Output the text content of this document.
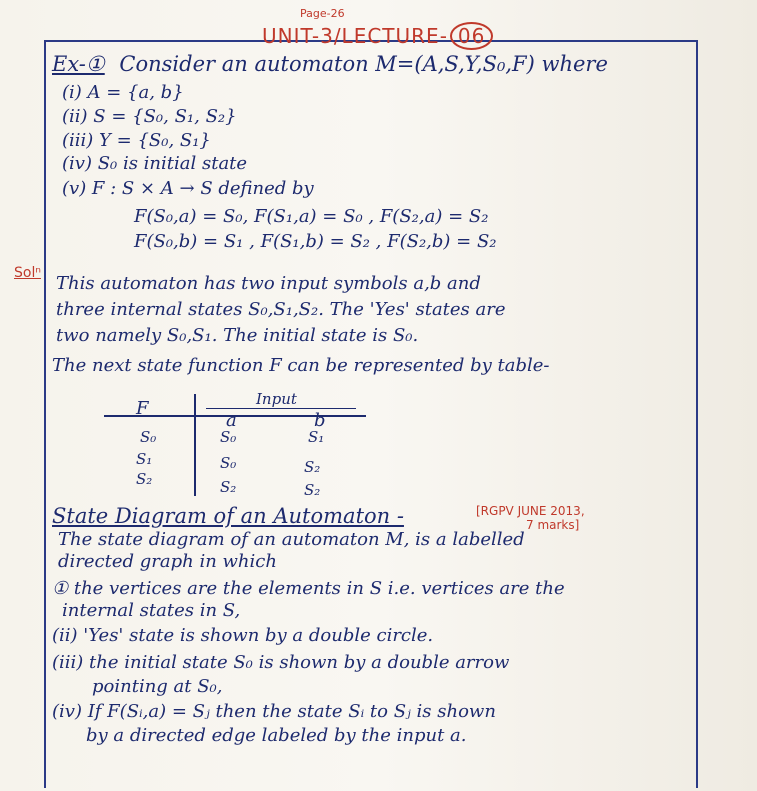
Page-26
UNIT-3/LECTURE- 06
Ex-① Consider an automaton M=(A,S,Y,S₀,F) where
(i) A = {a, b}
(ii) S = {S₀, S₁, S₂}
(iii) Y = {S₀, S₁}
(iv) S₀ is initial state
(v) F : S × A → S defined by
F(S₀,a) = S₀, F(S₁,a) = S₀ , F(S₂,a) = S₂
F(S₀,b) = S₁ , F(S₁,b) = S₂ , F(S₂,b) = S₂
Solⁿ This automaton has two input symbols a,b and
three internal states S₀,S₁,S₂. The 'Yes' states are
two namely S₀,S₁. The initial state is S₀.
The next state function F can be represented by table-
F	Input
a	b
S₀	S₀	S₁
S₁	S₀	S₂
S₂	S₂	S₂
State Diagram of an Automaton -	[RGPV JUNE 2013,
7 marks]
The state diagram of an automaton M, is a labelled
directed graph in which
① the vertices are the elements in S i.e. vertices are the
internal states in S,
(ii) 'Yes' state is shown by a double circle.
(iii) the initial state S₀ is shown by a double arrow
pointing at S₀,
(iv) If F(Sᵢ,a) = Sⱼ then the state Sᵢ to Sⱼ is shown
by a directed edge labeled by the input a.
